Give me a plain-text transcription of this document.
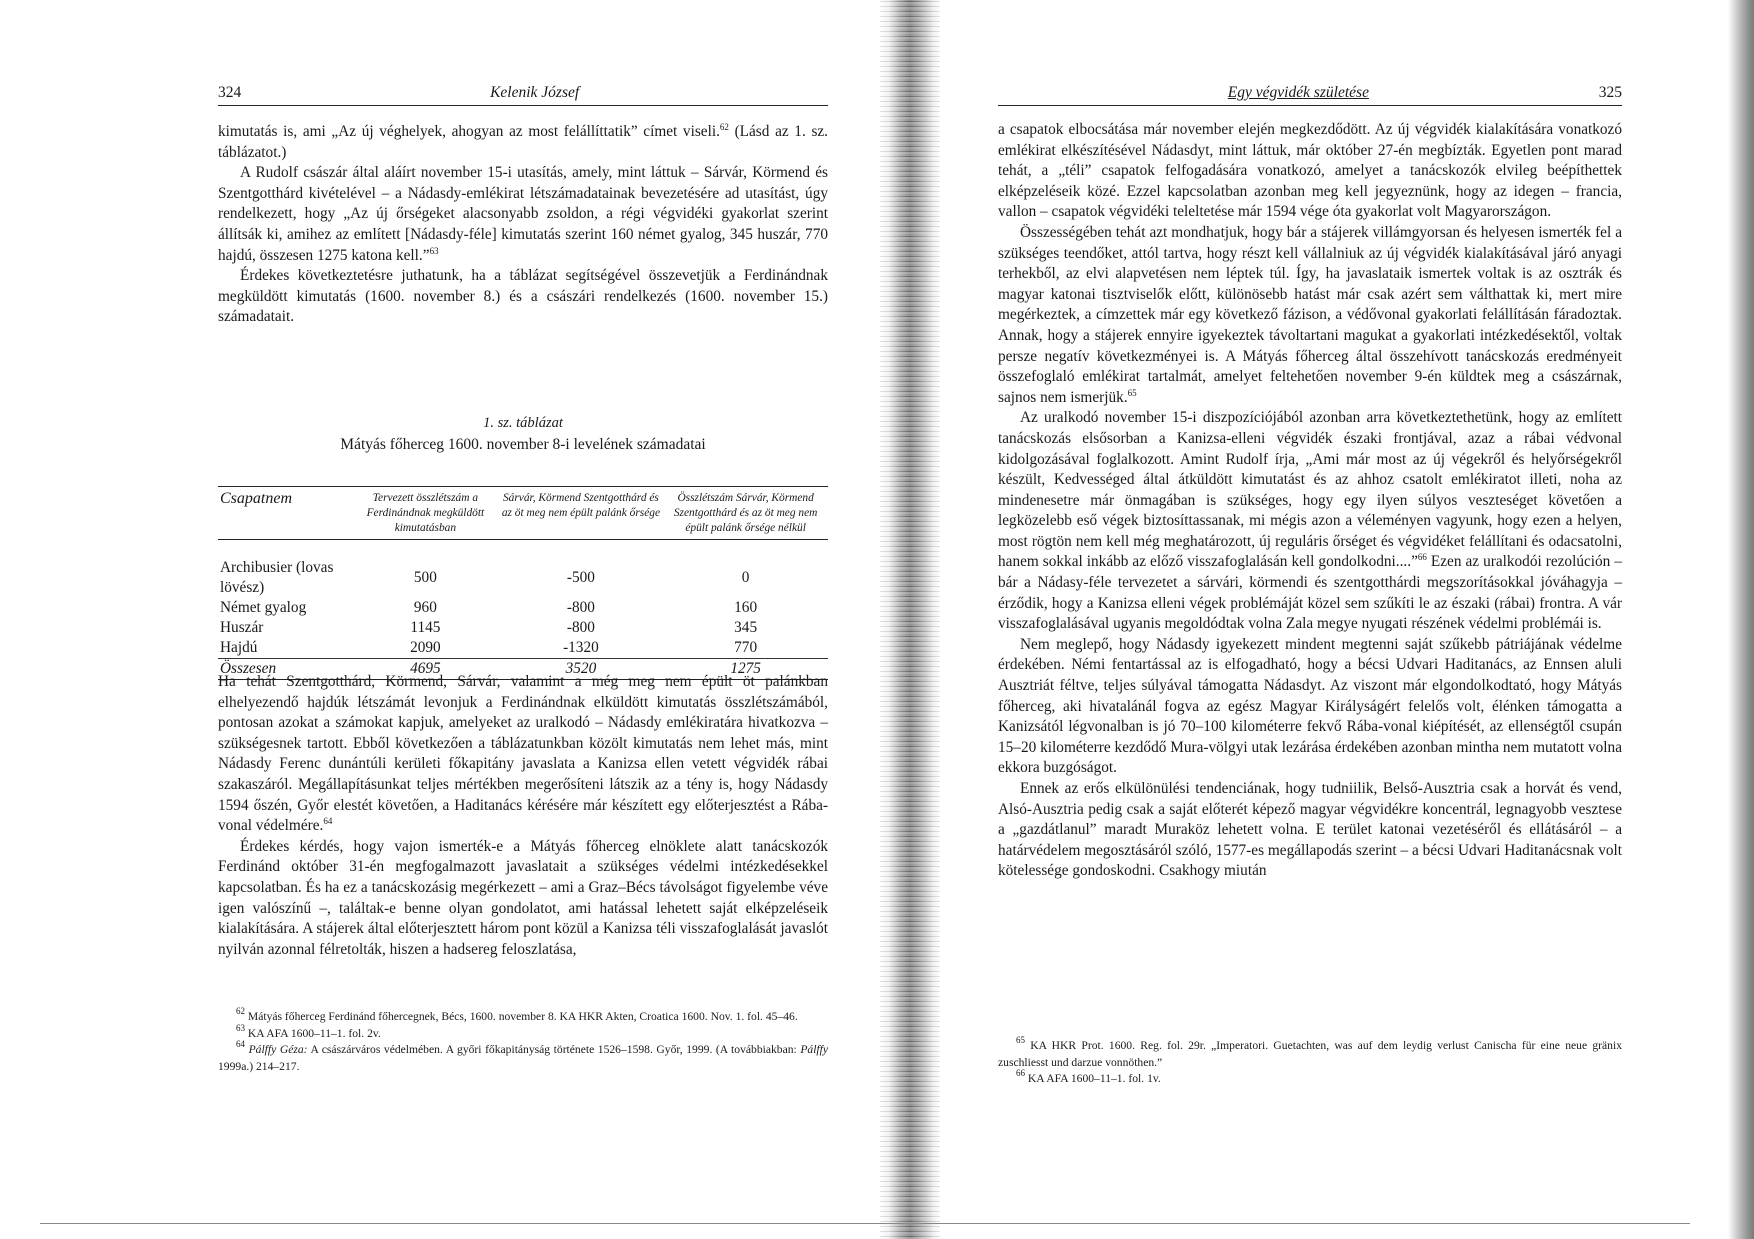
324	Kelenik József

kimutatás is, ami „Az új véghelyek, ahogyan az most felállíttatik” címet viseli.$^{62}$ (Lásd az 1. sz. táblázatot.)

A Rudolf császár által aláírt november 15-i utasítás, amely, mint láttuk – Sárvár, Körmend és Szentgotthárd kivételével – a Nádasdy-emlékirat létszámadatainak bevezetésére ad utasítást, úgy rendelkezett, hogy „Az új őrségeket alacsonyabb zsoldon, a régi végvidéki gyakorlat szerint állítsák ki, amihez az említett [Nádasdy-féle] kimutatás szerint 160 német gyalog, 345 huszár, 770 hajdú, összesen 1275 katona kell.”$^{63}$

Érdekes következtetésre juthatunk, ha a táblázat segítségével összevetjük a Ferdinándnak megküldött kimutatás (1600. november 8.) és a császári rendelkezés (1600. november 15.) számadatait.

1. sz. táblázat
Mátyás főherceg 1600. november 8-i levelének számadatai
Csapatnem	Tervezett összlétszám a Ferdinándnak megküldött kimutatásban	Sárvár, Körmend Szentgotthárd és az öt meg nem épült palánk őrsége	Összlétszám Sárvár, Körmend Szentgotthárd és az öt meg nem épült palánk őrsége nélkül
Archibusier (lovas lövész)	500	-500	0
Német gyalog	960	-800	160
Huszár	1145	-800	345
Hajdú	2090	-1320	770
Összesen	4695	3520	1275

Ha tehát Szentgotthárd, Körmend, Sárvár, valamint a még meg nem épült öt palánkban elhelyezendő hajdúk létszámát levonjuk a Ferdinándnak elküldött kimutatás összlétszámából, pontosan azokat a számokat kapjuk, amelyeket az uralkodó – Nádasdy emlékiratára hivatkozva – szükségesnek tartott. Ebből következően a táblázatunkban közölt kimutatás nem lehet más, mint Nádasdy Ferenc dunántúli kerületi főkapitány javaslata a Kanizsa ellen vetett végvidék rábai szakaszáról. Megállapításunkat teljes mértékben megerősíteni látszik az a tény is, hogy Nádasdy 1594 őszén, Győr elestét követően, a Haditanács kérésére már készített egy előterjesztést a Rába-vonal védelmére.$^{64}$

Érdekes kérdés, hogy vajon ismerték-e a Mátyás főherceg elnöklete alatt tanácskozók Ferdinánd október 31-én megfogalmazott javaslatait a szükséges védelmi intézkedésekkel kapcsolatban. És ha ez a tanácskozásig megérkezett – ami a Graz–Bécs távolságot figyelembe véve igen valószínű –, találtak-e benne olyan gondolatot, ami hatással lehetett saját elképzeléseik kialakítására. A stájerek által előterjesztett három pont közül a Kanizsa téli visszafoglalását javaslót nyilván azonnal félretolták, hiszen a hadsereg feloszlatása,

$^{62}$ Mátyás főherceg Ferdinánd főhercegnek, Bécs, 1600. november 8. KA HKR Akten, Croatica 1600. Nov. 1. fol. 45–46.

$^{63}$ KA AFA 1600–11–1. fol. 2v.

$^{64}$ Pálffy Géza: A császárváros védelmében. A győri főkapitányság története 1526–1598. Győr, 1999. (A továbbiakban: Pálffy 1999a.) 214–217.

Egy végvidék születése	325

a csapatok elbocsátása már november elején megkezdődött. Az új végvidék kialakítására vonatkozó emlékirat elkészítésével Nádasdyt, mint láttuk, már október 27-én megbízták. Egyetlen pont marad tehát, a „téli” csapatok felfogadására vonatkozó, amelyet a tanácskozók elvileg beépíthettek elképzeléseik közé. Ezzel kapcsolatban azonban meg kell jegyeznünk, hogy az idegen – francia, vallon – csapatok végvidéki teleltetése már 1594 vége óta gyakorlat volt Magyarországon.

Összességében tehát azt mondhatjuk, hogy bár a stájerek villámgyorsan és helyesen ismerték fel a szükséges teendőket, attól tartva, hogy részt kell vállalniuk az új végvidék kialakításával járó anyagi terhekből, az elvi alapvetésen nem léptek túl. Így, ha javaslataik ismertek voltak is az osztrák és magyar katonai tisztviselők előtt, különösebb hatást már csak azért sem válthattak ki, mert mire megérkeztek, a címzettek már egy következő fázison, a védővonal gyakorlati felállításán fáradoztak. Annak, hogy a stájerek ennyire igyekeztek távoltartani magukat a gyakorlati intézkedésektől, voltak persze negatív következményei is. A Mátyás főherceg által összehívott tanácskozás eredményeit összefoglaló emlékirat tartalmát, amelyet feltehetően november 9-én küldtek meg a császárnak, sajnos nem ismerjük.$^{65}$

Az uralkodó november 15-i diszpozíciójából azonban arra következtethetünk, hogy az említett tanácskozás elsősorban a Kanizsa-elleni végvidék északi frontjával, azaz a rábai védvonal kidolgozásával foglalkozott. Amint Rudolf írja, „Ami már most az új végekről és helyőrségekről készült, Kedvességed által átküldött kimutatást és az ahhoz csatolt emlékiratot illeti, noha az mindenesetre már önmagában is szükséges, hogy egy ilyen súlyos veszteséget követően a legközelebb eső végek biztosíttassanak, mi mégis azon a véleményen vagyunk, hogy ezen a helyen, most rögtön nem kell még meghatározott, új reguláris őrséget és végvidéket felállítani és odacsatolni, hanem sokkal inkább az előző visszafoglalásán kell gondolkodni....”$^{66}$ Ezen az uralkodói rezolúción – bár a Nádasy-féle tervezetet a sárvári, körmendi és szentgotthárdi megszorításokkal jóváhagyja – érződik, hogy a Kanizsa elleni végek problémáját közel sem szűkíti le az északi (rábai) frontra. A vár visszafoglalásával ugyanis megoldódtak volna Zala megye nyugati részének védelmi problémái is.

Nem meglepő, hogy Nádasdy igyekezett mindent megtenni saját szűkebb pátriájának védelme érdekében. Némi fentartással az is elfogadható, hogy a bécsi Udvari Haditanács, az Ennsen aluli Ausztriát féltve, teljes súlyával támogatta Nádasdyt. Az viszont már elgondolkodtató, hogy Mátyás főherceg, aki hivatalánál fogva az egész Magyar Királyságért felelős volt, élénken támogatta a Kanizsától légvonalban is jó 70–100 kilométerre fekvő Rába-vonal kiépítését, az ellenségtől csupán 15–20 kilométerre kezdődő Mura-völgyi utak lezárása érdekében azonban mintha nem mutatott volna ekkora buzgóságot.

Ennek az erős elkülönülési tendenciának, hogy tudniilik, Belső-Ausztria csak a horvát és vend, Alsó-Ausztria pedig csak a saját előterét képező magyar végvidékre koncentrál, legnagyobb vesztese a „gazdátlanul” maradt Muraköz lehetett volna. E terület katonai vezetéséről és ellátásáról – a határvédelem megosztásáról szóló, 1577-es megállapodás szerint – a bécsi Udvari Haditanácsnak volt kötelessége gondoskodni. Csakhogy miután

$^{65}$ KA HKR Prot. 1600. Reg. fol. 29r. „Imperatori. Guetachten, was auf dem leydig verlust Canischa für eine neue gränix zuschliesst und darzue vonnöthen.”

$^{66}$ KA AFA 1600–11–1. fol. 1v.
